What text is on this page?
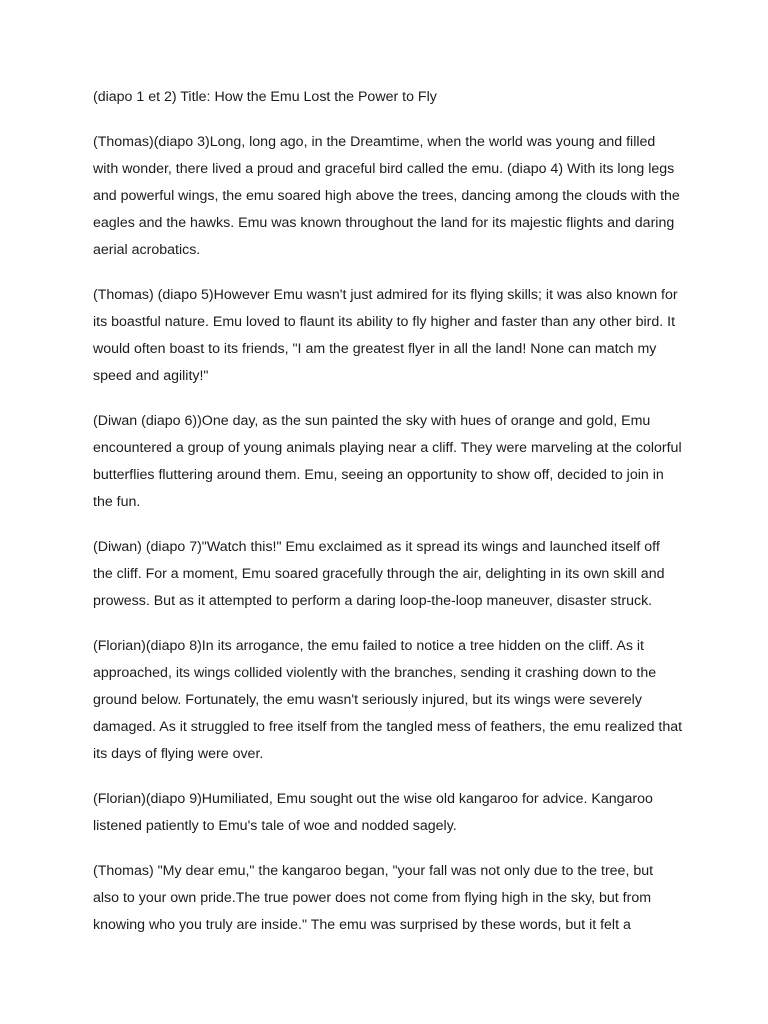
(diapo 1 et 2) Title: How the Emu Lost the Power to Fly

(Thomas)(diapo 3)Long, long ago, in the Dreamtime, when the world was young and filled with wonder, there lived a proud and graceful bird called the emu. (diapo 4) With its long legs and powerful wings, the emu soared high above the trees, dancing among the clouds with the eagles and the hawks. Emu was known throughout the land for its majestic flights and daring aerial acrobatics.

(Thomas) (diapo 5)However Emu wasn't just admired for its flying skills; it was also known for its boastful nature. Emu loved to flaunt its ability to fly higher and faster than any other bird. It would often boast to its friends, "I am the greatest flyer in all the land! None can match my speed and agility!"

(Diwan (diapo 6))One day, as the sun painted the sky with hues of orange and gold, Emu encountered a group of young animals playing near a cliff. They were marveling at the colorful butterflies fluttering around them. Emu, seeing an opportunity to show off, decided to join in the fun.

(Diwan) (diapo 7)"Watch this!" Emu exclaimed as it spread its wings and launched itself off the cliff. For a moment, Emu soared gracefully through the air, delighting in its own skill and prowess. But as it attempted to perform a daring loop-the-loop maneuver, disaster struck.

(Florian)(diapo 8)In its arrogance, the emu failed to notice a tree hidden on the cliff. As it approached, its wings collided violently with the branches, sending it crashing down to the ground below. Fortunately, the emu wasn't seriously injured, but its wings were severely damaged. As it struggled to free itself from the tangled mess of feathers, the emu realized that its days of flying were over.

(Florian)(diapo 9)Humiliated, Emu sought out the wise old kangaroo for advice. Kangaroo listened patiently to Emu's tale of woe and nodded sagely.

(Thomas) "My dear emu," the kangaroo began, "your fall was not only due to the tree, but also to your own pride.The true power does not come from flying high in the sky, but from knowing who you truly are inside." The emu was surprised by these words, but it felt a
